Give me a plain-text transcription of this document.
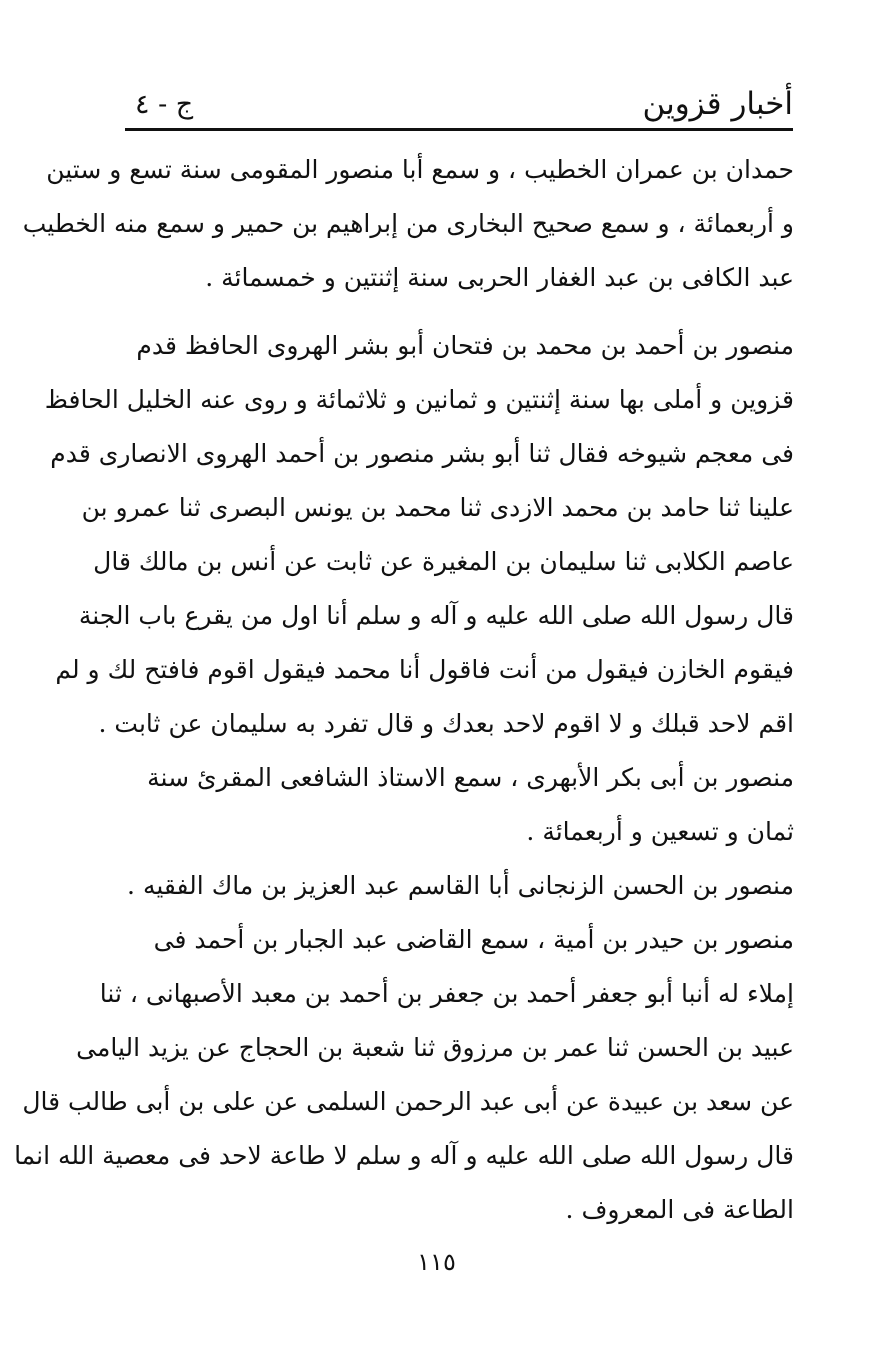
أخبار قزوين
ج - ٤

حمدان بن عمران الخطيب ، و سمع أبا منصور المقومى سنة تسع و ستين
و أربعمائة ، و سمع صحيح البخارى من إبراهيم بن حمير و سمع منه الخطيب
عبد الكافى بن عبد الغفار الحربى سنة إثنتين و خمسمائة .

منصور بن أحمد بن محمد بن فتحان أبو بشر الهروى الحافظ قدم
قزوين و أملى بها سنة إثنتين و ثمانين و ثلاثمائة و روى عنه الخليل الحافظ
فى معجم شيوخه فقال ثنا أبو بشر منصور بن أحمد الهروى الانصارى قدم
علينا ثنا حامد بن محمد الازدى ثنا محمد بن يونس البصرى ثنا عمرو بن
عاصم الكلابى ثنا سليمان بن المغيرة عن ثابت عن أنس بن مالك قال
قال رسول الله صلى الله عليه و آله و سلم أنا اول من يقرع باب الجنة
فيقوم الخازن فيقول من أنت فاقول أنا محمد فيقول اقوم فافتح لك و لم
اقم لاحد قبلك و لا اقوم لاحد بعدك و قال تفرد به سليمان عن ثابت .

منصور بن أبى بكر الأبهرى ، سمع الاستاذ الشافعى المقرئ سنة
ثمان و تسعين و أربعمائة .

منصور بن الحسن الزنجانى أبا القاسم عبد العزيز بن ماك الفقيه .

منصور بن حيدر بن أمية ، سمع القاضى عبد الجبار بن أحمد فى
إملاء له أنبا أبو جعفر أحمد بن جعفر بن أحمد بن معبد الأصبهانى ، ثنا
عبيد بن الحسن ثنا عمر بن مرزوق ثنا شعبة بن الحجاج عن يزيد اليامى
عن سعد بن عبيدة عن أبى عبد الرحمن السلمى عن على بن أبى طالب قال
قال رسول الله صلى الله عليه و آله و سلم لا طاعة لاحد فى معصية الله انما
الطاعة فى المعروف .

١١٥
